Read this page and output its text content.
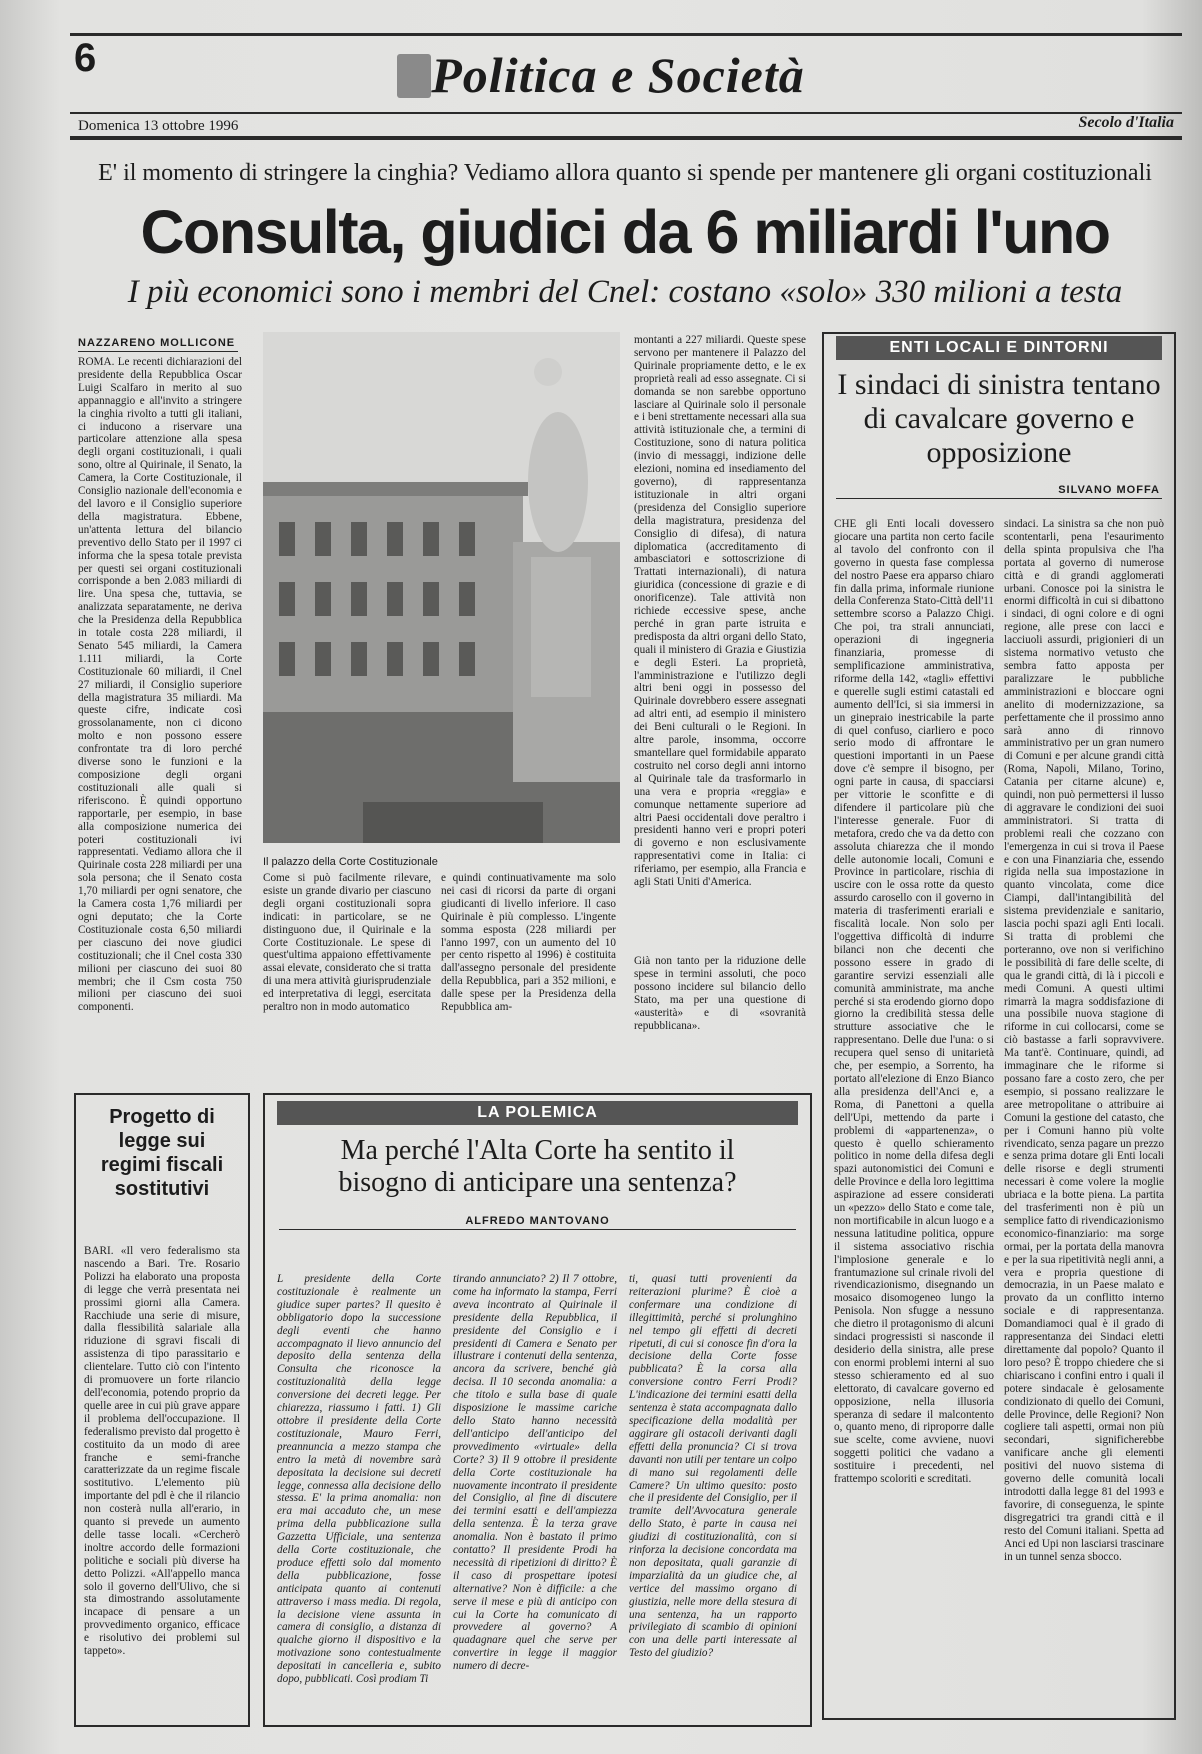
6	Politica e Società
Domenica 13 ottobre 1996	Secolo d'Italia
E' il momento di stringere la cinghia? Vediamo allora quanto si spende per mantenere gli organi costituzionali
Consulta, giudici da 6 miliardi l'uno
I più economici sono i membri del Cnel: costano «solo» 330 milioni a testa
NAZZARENO MOLLICONE
ROMA. Le recenti dichiarazioni del presidente della Repubblica Oscar Luigi Scalfaro in merito al suo appannaggio e all'invito a stringere la cinghia rivolto a tutti gli italiani, ci inducono a riservare una particolare attenzione alla spesa degli organi costituzionali, i quali sono, oltre al Quirinale, il Senato, la Camera, la Corte Costituzionale, il Consiglio nazionale dell'economia e del lavoro e il Consiglio superiore della magistratura. Ebbene, un'attenta lettura del bilancio preventivo dello Stato per il 1997 ci informa che la spesa totale prevista per questi sei organi costituzionali corrisponde a ben 2.083 miliardi di lire. Una spesa che, tuttavia, se analizzata separatamente, ne deriva che la Presidenza della Repubblica in totale costa 228 miliardi, il Senato 545 miliardi, la Camera 1.111 miliardi, la Corte Costituzionale 60 miliardi, il Cnel 27 miliardi, il Consiglio superiore della magistratura 35 miliardi. Ma queste cifre, indicate così grossolanamente, non ci dicono molto e non possono essere confrontate tra di loro perché diverse sono le funzioni e la composizione degli organi costituzionali alle quali si riferiscono. È quindi opportuno rapportarle, per esempio, in base alla composizione numerica dei poteri costituzionali ivi rappresentati. Vediamo allora che il Quirinale costa 228 miliardi per una sola persona; che il Senato costa 1,70 miliardi per ogni senatore, che la Camera costa 1,76 miliardi per ogni deputato; che la Corte Costituzionale costa 6,50 miliardi per ciascuno dei nove giudici costituzionali; che il Cnel costa 330 milioni per ciascuno dei suoi 80 membri; che il Csm costa 750 milioni per ciascuno dei suoi componenti.
Il palazzo della Corte Costituzionale
Come si può facilmente rilevare, esiste un grande divario per ciascuno degli organi costituzionali sopra indicati: in particolare, se ne distinguono due, il Quirinale e la Corte Costituzionale. Le spese di quest'ultima appaiono effettivamente assai elevate, considerato che si tratta di una mera attività giurisprudenziale ed interpretativa di leggi, esercitata peraltro non in modo automatico
e quindi continuativamente ma solo nei casi di ricorsi da parte di organi giudicanti di livello inferiore. Il caso Quirinale è più complesso. L'ingente somma esposta (228 miliardi per l'anno 1997, con un aumento del 10 per cento rispetto al 1996) è costituita dall'assegno personale del presidente della Repubblica, pari a 352 milioni, e dalle spese per la Presidenza della Repubblica am-
montanti a 227 miliardi. Queste spese servono per mantenere il Palazzo del Quirinale propriamente detto, e le ex proprietà reali ad esso assegnate. Ci si domanda se non sarebbe opportuno lasciare al Quirinale solo il personale e i beni strettamente necessari alla sua attività istituzionale che, a termini di Costituzione, sono di natura politica (invio di messaggi, indizione delle elezioni, nomina ed insediamento del governo), di rappresentanza istituzionale in altri organi (presidenza del Consiglio superiore della magistratura, presidenza del Consiglio di difesa), di natura diplomatica (accreditamento di ambasciatori e sottoscrizione di Trattati internazionali), di natura giuridica (concessione di grazie e di onorificenze). Tale attività non richiede eccessive spese, anche perché in gran parte istruita e predisposta da altri organi dello Stato, quali il ministero di Grazia e Giustizia e degli Esteri. La proprietà, l'amministrazione e l'utilizzo degli altri beni oggi in possesso del Quirinale dovrebbero essere assegnati ad altri enti, ad esempio il ministero dei Beni culturali o le Regioni. In altre parole, insomma, occorre smantellare quel formidabile apparato costruito nel corso degli anni intorno al Quirinale tale da trasformarlo in una vera e propria «reggia» e comunque nettamente superiore ad altri Paesi occidentali dove peraltro i presidenti hanno veri e propri poteri di governo e non esclusivamente rappresentativi come in Italia: ci riferiamo, per esempio, alla Francia e agli Stati Uniti d'America.
Già non tanto per la riduzione delle spese in termini assoluti, che poco possono incidere sul bilancio dello Stato, ma per una questione di «austerità» e di «sovranità repubblicana».
ENTI LOCALI E DINTORNI
I sindaci di sinistra tentano di cavalcare governo e opposizione
SILVANO MOFFA
CHE gli Enti locali dovessero giocare una partita non certo facile al tavolo del confronto con il governo in questa fase complessa del nostro Paese era apparso chiaro fin dalla prima, informale riunione della Conferenza Stato-Città dell'11 settembre scorso a Palazzo Chigi. Che poi, tra strali annunciati, operazioni di ingegneria finanziaria, promesse di semplificazione amministrativa, riforme della 142, «tagli» effettivi e querelle sugli estimi catastali ed aumento dell'Ici, si sia immersi in un ginepraio inestricabile la parte di quel confuso, ciarliero e poco serio modo di affrontare le questioni importanti in un Paese dove c'è sempre il bisogno, per ogni parte in causa, di spacciarsi per vittorie le sconfitte e di difendere il particolare più che l'interesse generale. Fuor di metafora, credo che va da detto con assoluta chiarezza che il mondo delle autonomie locali, Comuni e Province in particolare, rischia di uscire con le ossa rotte da questo assurdo carosello con il governo in materia di trasferimenti erariali e fiscalità locale. Non solo per l'oggettiva difficoltà di indurre bilanci non che decenti che possono essere in grado di garantire servizi essenziali alle comunità amministrate, ma anche perché si sta erodendo giorno dopo giorno la credibilità stessa delle strutture associative che le rappresentano. Delle due l'una: o si recupera quel senso di unitarietà che, per esempio, a Sorrento, ha portato all'elezione di Enzo Bianco alla presidenza dell'Anci e, a Roma, di Panettoni a quella dell'Upi, mettendo da parte i problemi di «appartenenza», o questo è quello schieramento politico in nome della difesa degli spazi autonomistici dei Comuni e delle Province e della loro legittima aspirazione ad essere considerati un «pezzo» dello Stato e come tale, non mortificabile in alcun luogo e a nessuna latitudine politica, oppure il sistema associativo rischia l'implosione generale e lo frantumazione sul crinale rivoli del rivendicazionismo, disegnando un mosaico disomogeneo lungo la Penisola. Non sfugge a nessuno che dietro il protagonismo di alcuni sindaci progressisti si nasconde il desiderio della sinistra, alle prese con enormi problemi interni al suo stesso schieramento ed al suo elettorato, di cavalcare governo ed opposizione, nella illusoria speranza di sedare il malcontento o, quanto meno, di riproporre dalle sue scelte, come avviene, nuovi soggetti politici che vadano a sostituire i precedenti, nel frattempo scoloriti e screditati.
sindaci. La sinistra sa che non può scontentarli, pena l'esaurimento della spinta propulsiva che l'ha portata al governo di numerose città e di grandi agglomerati urbani. Conosce poi la sinistra le enormi difficoltà in cui si dibattono i sindaci, di ogni colore e di ogni regione, alle prese con lacci e lacciuoli assurdi, prigionieri di un sistema normativo vetusto che sembra fatto apposta per paralizzare le pubbliche amministrazioni e bloccare ogni anelito di modernizzazione, sa perfettamente che il prossimo anno sarà anno di rinnovo amministrativo per un gran numero di Comuni e per alcune grandi città (Roma, Napoli, Milano, Torino, Catania per citarne alcune) e, quindi, non può permettersi il lusso di aggravare le condizioni dei suoi amministratori. Si tratta di problemi reali che cozzano con l'emergenza in cui si trova il Paese e con una Finanziaria che, essendo rigida nella sua impostazione in quanto vincolata, come dice Ciampi, dall'intangibilità del sistema previdenziale e sanitario, lascia pochi spazi agli Enti locali. Si tratta di problemi che porteranno, ove non si verifichino le possibilità di fare delle scelte, di qua le grandi città, di là i piccoli e medi Comuni. A questi ultimi rimarrà la magra soddisfazione di una possibile nuova stagione di riforme in cui collocarsi, come se ciò bastasse a farli sopravvivere. Ma tant'è. Continuare, quindi, ad immaginare che le riforme si possano fare a costo zero, che per esempio, si possano realizzare le aree metropolitane o attribuire ai Comuni la gestione del catasto, che per i Comuni hanno più volte rivendicato, senza pagare un prezzo e senza prima dotare gli Enti locali delle risorse e degli strumenti necessari è come volere la moglie ubriaca e la botte piena. La partita del trasferimenti non è più un semplice fatto di rivendicazionismo economico-finanziario: ma sorge ormai, per la portata della manovra e per la sua ripetitività negli anni, a vera e propria questione di democrazia, in un Paese malato e provato da un conflitto interno sociale e di rappresentanza. Domandiamoci qual è il grado di rappresentanza dei Sindaci eletti direttamente dal popolo? Quanto il loro peso? È troppo chiedere che si chiariscano i confini entro i quali il potere sindacale è gelosamente condizionato di quello dei Comuni, delle Province, delle Regioni? Non cogliere tali aspetti, ormai non più secondari, significherebbe vanificare anche gli elementi positivi del nuovo sistema di governo delle comunità locali introdotti dalla legge 81 del 1993 e favorire, di conseguenza, le spinte disgregatrici tra grandi città e il resto del Comuni italiani. Spetta ad Anci ed Upi non lasciarsi trascinare in un tunnel senza sbocco.
Progetto di legge sui regimi fiscali sostitutivi
BARI. «Il vero federalismo sta nascendo a Bari. Tre. Rosario Polizzi ha elaborato una proposta di legge che verrà presentata nei prossimi giorni alla Camera. Racchiude una serie di misure, dalla flessibilità salariale alla riduzione di sgravi fiscali di assistenza di tipo parassitario e clientelare. Tutto ciò con l'intento di promuovere un forte rilancio dell'economia, potendo proprio da quelle aree in cui più grave appare il problema dell'occupazione. Il federalismo previsto dal progetto è costituito da un modo di aree franche e semi-franche caratterizzate da un regime fiscale sostitutivo. L'elemento più importante del pdl è che il rilancio non costerà nulla all'erario, in quanto si prevede un aumento delle tasse locali. «Cercherò inoltre accordo delle formazioni politiche e sociali più diverse ha detto Polizzi. «All'appello manca solo il governo dell'Ulivo, che si sta dimostrando assolutamente incapace di pensare a un provvedimento organico, efficace e risolutivo dei problemi sul tappeto».
LA POLEMICA
Ma perché l'Alta Corte ha sentito il bisogno di anticipare una sentenza?
ALFREDO MANTOVANO
L presidente della Corte costituzionale è realmente un giudice super partes? Il quesito è obbligatorio dopo la successione degli eventi che hanno accompagnato il lievo annuncio del deposito della sentenza della Consulta che riconosce la costituzionalità della legge conversione dei decreti legge. Per chiarezza, riassumo i fatti. 1) Gli ottobre il presidente della Corte costituzionale, Mauro Ferri, preannuncia a mezzo stampa che entro la metà di novembre sarà depositata la decisione sui decreti legge, connessa alla decisione dello stessa. E' la prima anomalia: non era mai accaduto che, un mese prima della pubblicazione sulla Gazzetta Ufficiale, una sentenza della Corte costituzionale, che produce effetti solo dal momento della pubblicazione, fosse anticipata quanto ai contenuti attraverso i mass media. Di regola, la decisione viene assunta in camera di consiglio, a distanza di qualche giorno il dispositivo e la motivazione sono contestualmente depositati in cancelleria e, subito dopo, pubblicati. Così prodiam Ti
tirando annunciato? 2) Il 7 ottobre, come ha informato la stampa, Ferri aveva incontrato al Quirinale il presidente della Repubblica, il presidente del Consiglio e i presidenti di Camera e Senato per illustrare i contenuti della sentenza, ancora da scrivere, benché già decisa. Il 10 seconda anomalia: a che titolo e sulla base di quale disposizione le massime cariche dello Stato hanno necessità dell'anticipo dell'anticipo del provvedimento «virtuale» della Corte? 3) Il 9 ottobre il presidente della Corte costituzionale ha nuovamente incontrato il presidente del Consiglio, al fine di discutere dei termini esatti e dell'ampiezza della sentenza. È la terza grave anomalia. Non è bastato il primo contatto? Il presidente Prodi ha necessità di ripetizioni di diritto? È il caso di prospettare ipotesi alternative? Non è difficile: a che serve il mese e più di anticipo con cui la Corte ha comunicato di provvedere al governo? A quadagnare quel che serve per convertire in legge il maggior numero di decre-
ti, quasi tutti provenienti da reiterazioni plurime? È cioè a confermare una condizione di illegittimità, perché si prolunghino nel tempo gli effetti di decreti ripetuti, di cui si conosce fin d'ora la decisione della Corte fosse pubblicata? È la corsa alla conversione contro Ferri Prodi? L'indicazione dei termini esatti della sentenza è stata accompagnata dallo specificazione della modalità per aggirare gli ostacoli derivanti dagli effetti della pronuncia? Ci si trova davanti non utili per tentare un colpo di mano sui regolamenti delle Camere? Un ultimo quesito: posto che il presidente del Consiglio, per il tramite dell'Avvocatura generale dello Stato, è parte in causa nei giudizi di costituzionalità, con si rinforza la decisione concordata ma non depositata, quali garanzie di imparzialità da un giudice che, al vertice del massimo organo di giustizia, nelle more della stesura di una sentenza, ha un rapporto privilegiato di scambio di opinioni con una delle parti interessate al Testo del giudizio?
